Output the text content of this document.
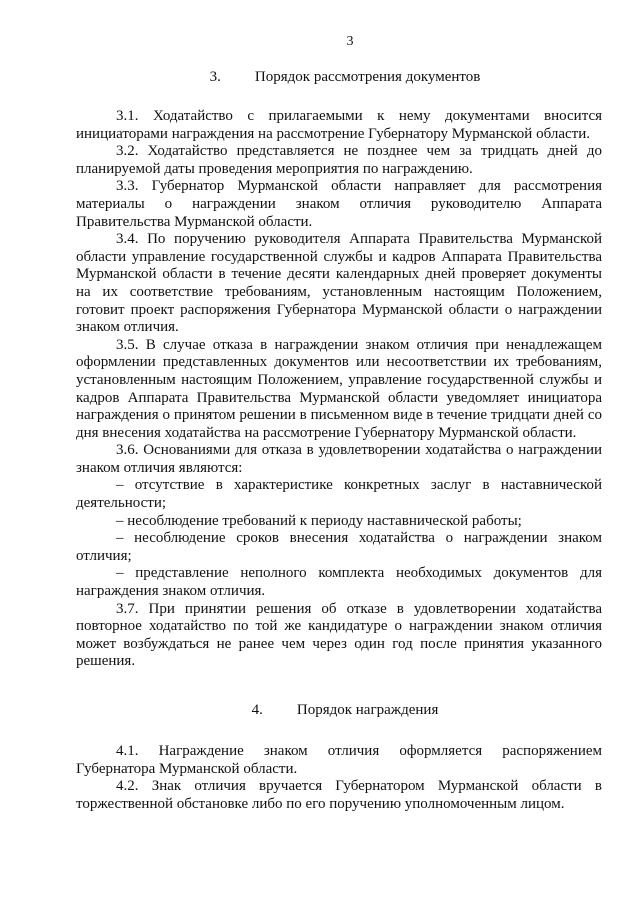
3
3. Порядок рассмотрения документов

3.1. Ходатайство с прилагаемыми к нему документами вносится инициаторами награждения на рассмотрение Губернатору Мурманской области.

3.2. Ходатайство представляется не позднее чем за тридцать дней до планируемой даты проведения мероприятия по награждению.

3.3. Губернатор Мурманской области направляет для рассмотрения материалы о награждении знаком отличия руководителю Аппарата Правительства Мурманской области.

3.4. По поручению руководителя Аппарата Правительства Мурманской области управление государственной службы и кадров Аппарата Правительства Мурманской области в течение десяти календарных дней проверяет документы на их соответствие требованиям, установленным настоящим Положением, готовит проект распоряжения Губернатора Мурманской области о награждении знаком отличия.

3.5. В случае отказа в награждении знаком отличия при ненадлежащем оформлении представленных документов или несоответствии их требованиям, установленным настоящим Положением, управление государственной службы и кадров Аппарата Правительства Мурманской области уведомляет инициатора награждения о принятом решении в письменном виде в течение тридцати дней со дня внесения ходатайства на рассмотрение Губернатору Мурманской области.

3.6. Основаниями для отказа в удовлетворении ходатайства о награждении знаком отличия являются:

– отсутствие в характеристике конкретных заслуг в наставнической деятельности;

– несоблюдение требований к периоду наставнической работы;

– несоблюдение сроков внесения ходатайства о награждении знаком отличия;

– представление неполного комплекта необходимых документов для награждения знаком отличия.

3.7. При принятии решения об отказе в удовлетворении ходатайства повторное ходатайство по той же кандидатуре о награждении знаком отличия может возбуждаться не ранее чем через один год после принятия указанного решения.

4. Порядок награждения

4.1. Награждение знаком отличия оформляется распоряжением Губернатора Мурманской области.

4.2. Знак отличия вручается Губернатором Мурманской области в торжественной обстановке либо по его поручению уполномоченным лицом.
